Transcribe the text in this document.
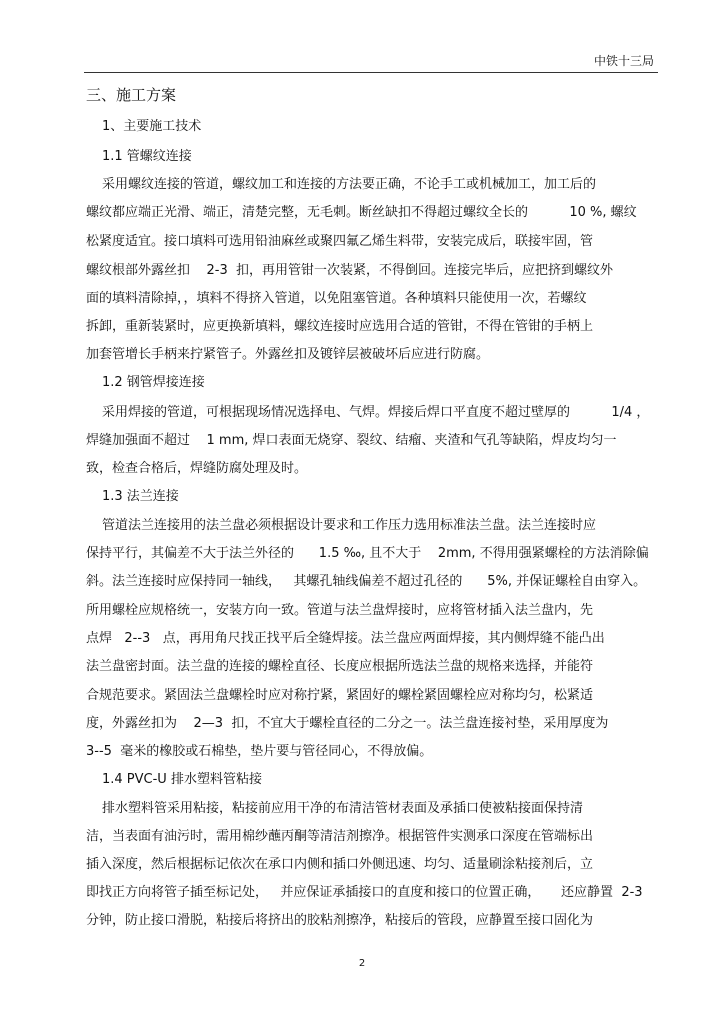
中铁十三局
三、施工方案
1、主要施工技术
1.1 管螺纹连接
采用螺纹连接的管道，螺纹加工和连接的方法要正确，不论手工或机械加工，加工后的
螺纹都应端正光滑、端正，清楚完整，无毛刺。断丝缺扣不得超过螺纹全长的          10 %, 螺纹
松紧度适宜。接口填料可选用铅油麻丝或聚四氟乙烯生料带，安装完成后，联接牢固，管
螺纹根部外露丝扣    2-3  扣，再用管钳一次装紧，不得倒回。连接完毕后，应把挤到螺纹外
面的填料清除掉，，填料不得挤入管道，以免阻塞管道。各种填料只能使用一次，若螺纹
拆卸，重新装紧时，应更换新填料，螺纹连接时应选用合适的管钳，不得在管钳的手柄上
加套管增长手柄来拧紧管子。外露丝扣及镀锌层被破坏后应进行防腐。
1.2 钢管焊接连接
采用焊接的管道，可根据现场情况选择电、气焊。焊接后焊口平直度不超过壁厚的          1/4 ，
焊缝加强面不超过    1 mm, 焊口表面无烧穿、裂纹、结瘤、夹渣和气孔等缺陷，焊皮均匀一
致，检查合格后，焊缝防腐处理及时。
1.3 法兰连接
管道法兰连接用的法兰盘必须根据设计要求和工作压力选用标准法兰盘。法兰连接时应
保持平行，其偏差不大于法兰外径的      1.5 ‰, 且不大于    2mm, 不得用强紧螺栓的方法消除偏
斜。法兰连接时应保持同一轴线，   其螺孔轴线偏差不超过孔径的      5%, 并保证螺栓自由穿入。
所用螺栓应规格统一，安装方向一致。管道与法兰盘焊接时，应将管材插入法兰盘内，先
点焊   2--3   点，再用角尺找正找平后全缝焊接。法兰盘应两面焊接，其内侧焊缝不能凸出
法兰盘密封面。法兰盘的连接的螺栓直径、长度应根据所选法兰盘的规格来选择，并能符
合规范要求。紧固法兰盘螺栓时应对称拧紧，紧固好的螺栓紧固螺栓应对称均匀，松紧适
度，外露丝扣为    2—3  扣，不宜大于螺栓直径的二分之一。法兰盘连接衬垫，采用厚度为
3--5  毫米的橡胶或石棉垫，垫片要与管径同心，不得放偏。
1.4 PVC-U 排水塑料管粘接
排水塑料管采用粘接，粘接前应用干净的布清洁管材表面及承插口使被粘接面保持清
洁，当表面有油污时，需用棉纱蘸丙酮等清洁剂擦净。根据管件实测承口深度在管端标出
插入深度，然后根据标记依次在承口内侧和插口外侧迅速、均匀、适量刷涂粘接剂后，立
即找正方向将管子插至标记处，   并应保证承插接口的直度和接口的位置正确，     还应静置  2-3
分钟，防止接口滑脱，粘接后将挤出的胶粘剂擦净，粘接后的管段，应静置至接口固化为
2
